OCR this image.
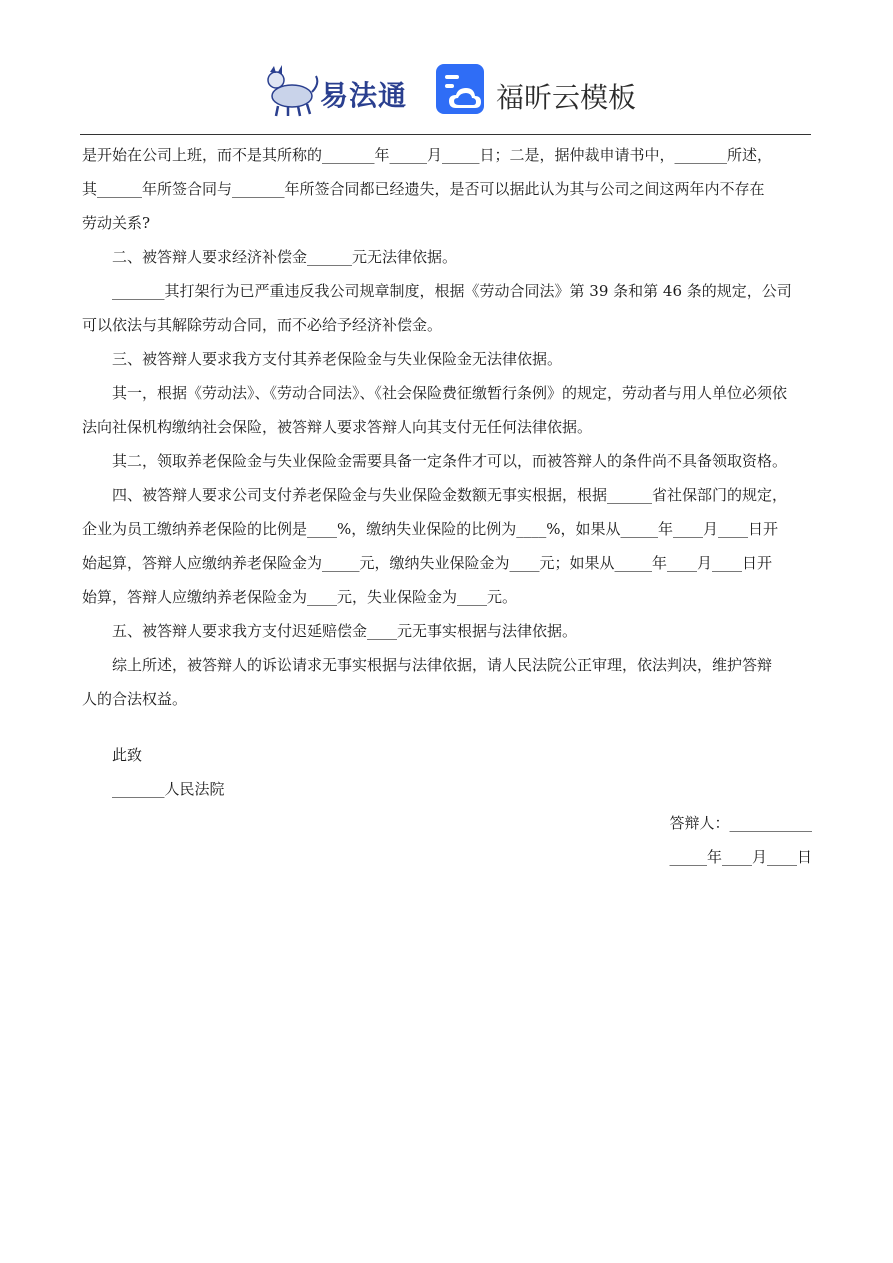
易法通	福昕云模板
是开始在公司上班，而不是其所称的_______年_____月_____日；二是，据仲裁申请书中，_______所述，
其______年所签合同与_______年所签合同都已经遗失，是否可以据此认为其与公司之间这两年内不存在
劳动关系?
二、被答辩人要求经济补偿金______元无法律依据。
_______其打架行为已严重违反我公司规章制度，根据《劳动合同法》第 39 条和第 46 条的规定，公司
可以依法与其解除劳动合同，而不必给予经济补偿金。
三、被答辩人要求我方支付其养老保险金与失业保险金无法律依据。
其一，根据《劳动法》、《劳动合同法》、《社会保险费征缴暂行条例》的规定，劳动者与用人单位必须依
法向社保机构缴纳社会保险，被答辩人要求答辩人向其支付无任何法律依据。
其二，领取养老保险金与失业保险金需要具备一定条件才可以，而被答辩人的条件尚不具备领取资格。
四、被答辩人要求公司支付养老保险金与失业保险金数额无事实根据，根据______省社保部门的规定，
企业为员工缴纳养老保险的比例是____%，缴纳失业保险的比例为____%，如果从_____年____月____日开
始起算，答辩人应缴纳养老保险金为_____元，缴纳失业保险金为____元；如果从_____年____月____日开
始算，答辩人应缴纳养老保险金为____元，失业保险金为____元。
五、被答辩人要求我方支付迟延赔偿金____元无事实根据与法律依据。
综上所述，被答辩人的诉讼请求无事实根据与法律依据，请人民法院公正审理，依法判决，维护答辩
人的合法权益。
此致
_______人民法院
答辩人：___________
_____年____月____日
